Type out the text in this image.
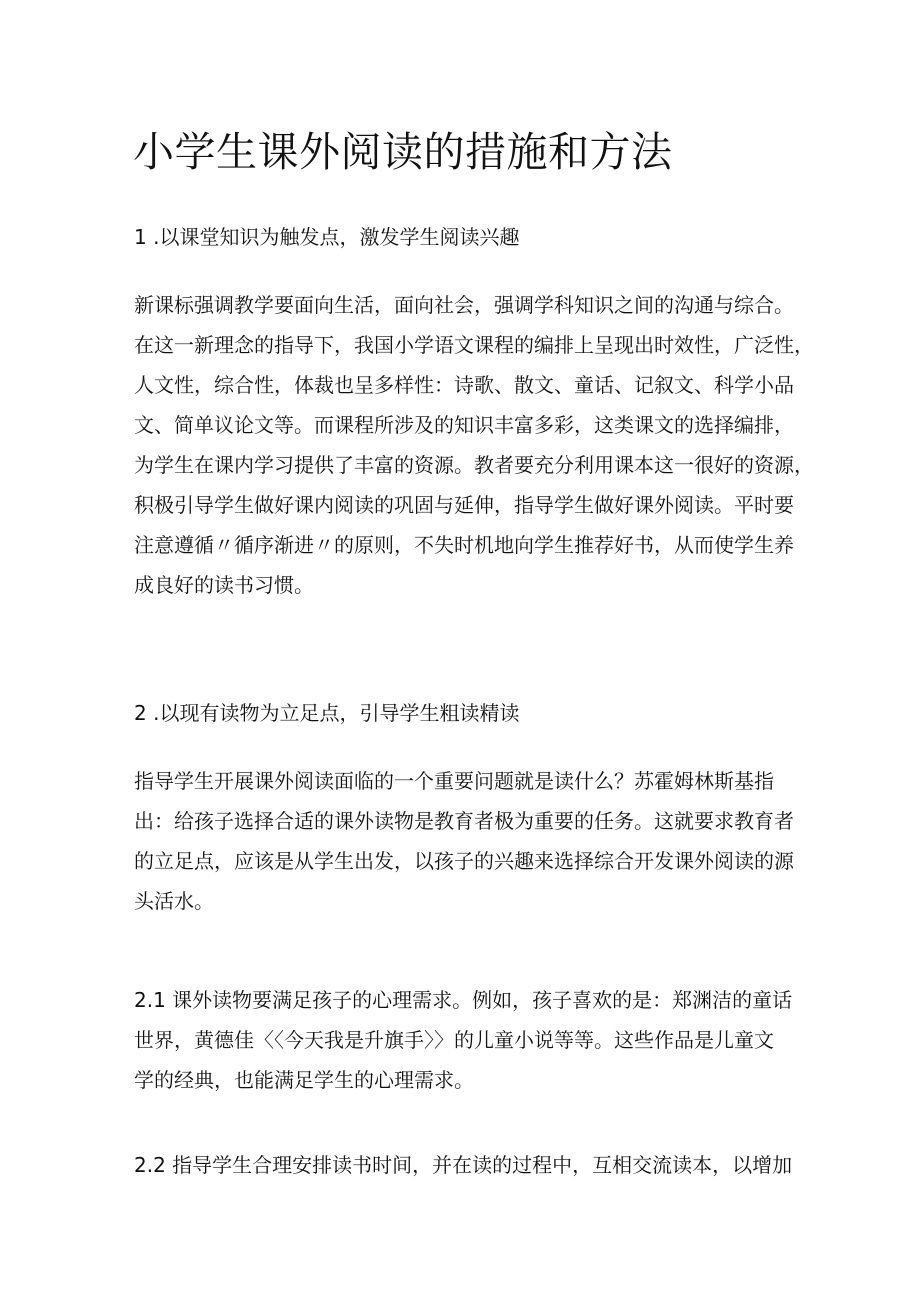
小学生课外阅读的措施和方法

1 .以课堂知识为触发点，激发学生阅读兴趣

新课标强调教学要面向生活，面向社会，强调学科知识之间的沟通与综合。
在这一新理念的指导下，我国小学语文课程的编排上呈现出时效性，广泛性，
人文性，综合性，体裁也呈多样性：诗歌、散文、童话、记叙文、科学小品
文、简单议论文等。而课程所涉及的知识丰富多彩，这类课文的选择编排，
为学生在课内学习提供了丰富的资源。教者要充分利用课本这一很好的资源，
积极引导学生做好课内阅读的巩固与延伸，指导学生做好课外阅读。平时要
注意遵循〃循序渐进〃的原则，不失时机地向学生推荐好书，从而使学生养
成良好的读书习惯。

2 .以现有读物为立足点，引导学生粗读精读

指导学生开展课外阅读面临的一个重要问题就是读什么？苏霍姆林斯基指
出：给孩子选择合适的课外读物是教育者极为重要的任务。这就要求教育者
的立足点，应该是从学生出发，以孩子的兴趣来选择综合开发课外阅读的源
头活水。
2.1 课外读物要满足孩子的心理需求。例如，孩子喜欢的是：郑渊洁的童话
世界，黄德佳〈〈今天我是升旗手〉〉的儿童小说等等。这些作品是儿童文
学的经典，也能满足学生的心理需求。
2.2 指导学生合理安排读书时间，并在读的过程中，互相交流读本，以增加
